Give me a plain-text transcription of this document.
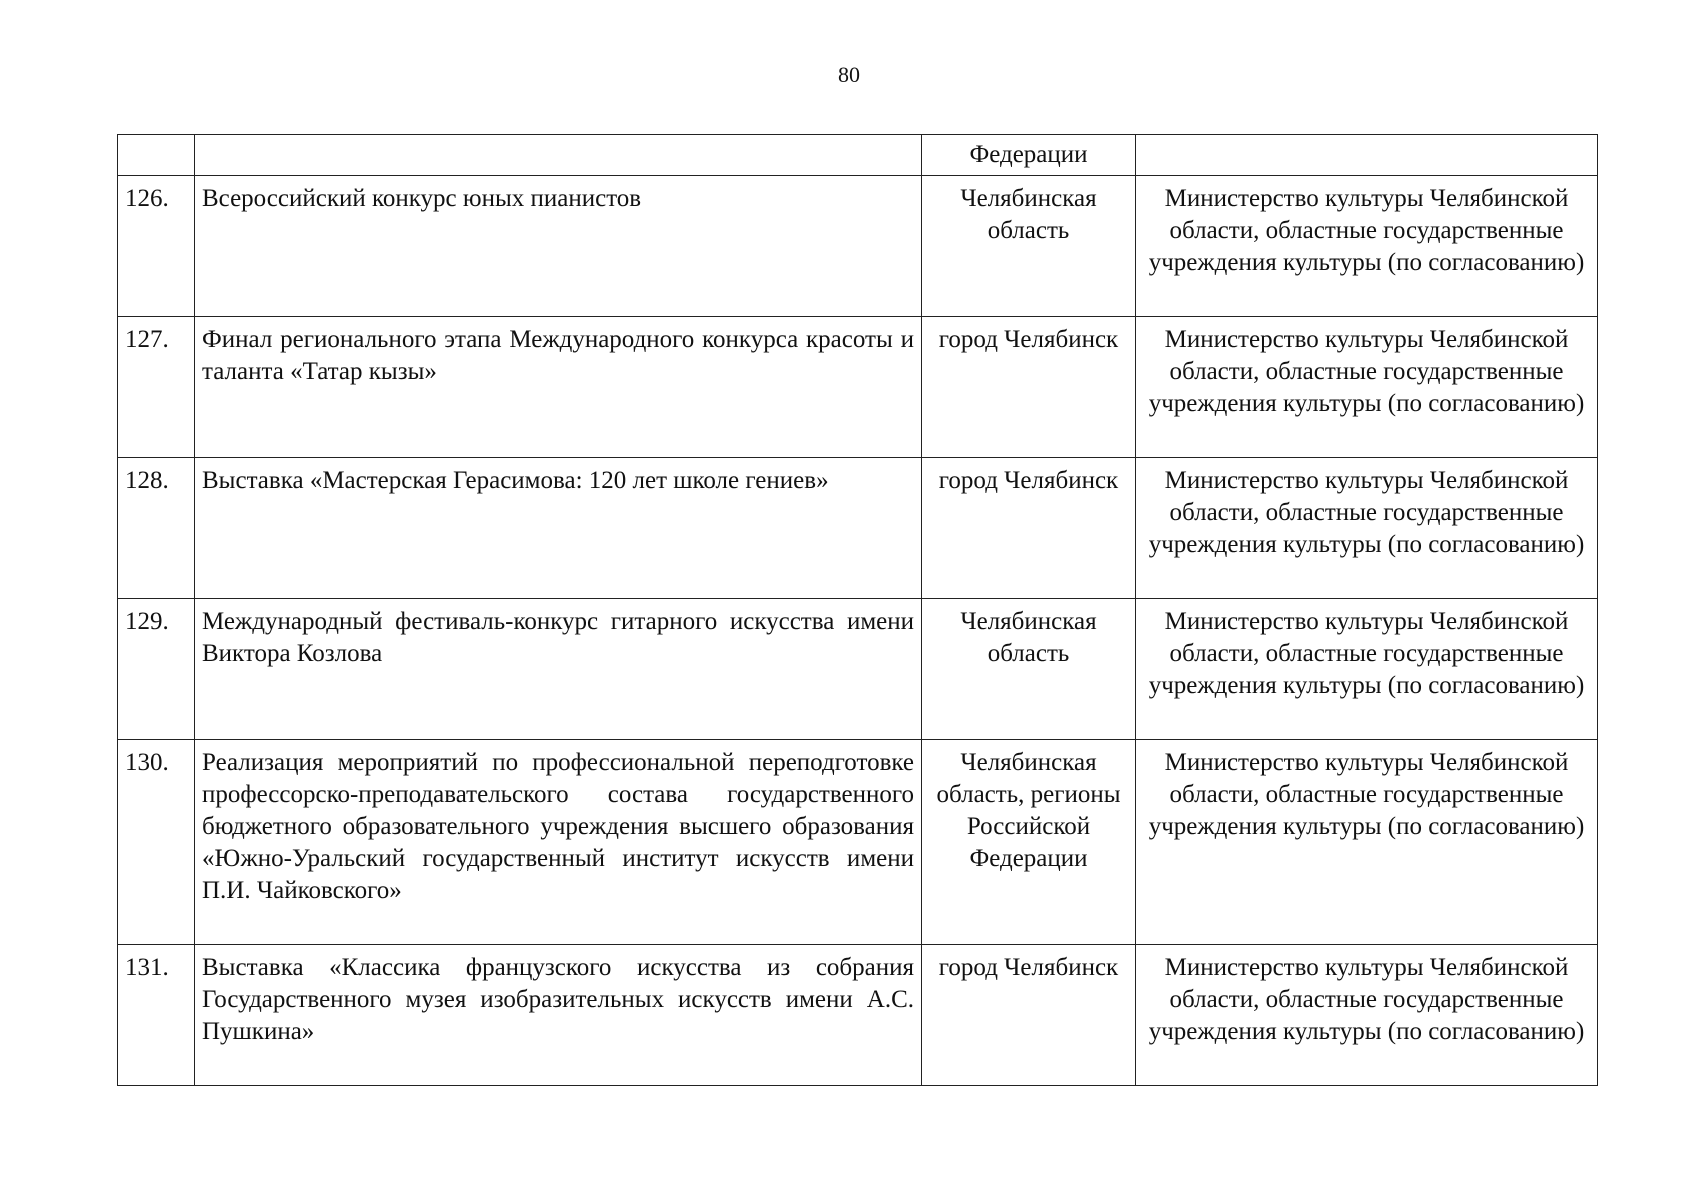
80
		Федерации	
126.	Всероссийский конкурс юных пианистов	Челябинская область	Министерство культуры Челябинской области, областные государственные учреждения культуры (по согласованию)
127.	Финал регионального этапа Международного конкурса красоты и таланта «Татар кызы»	город Челябинск	Министерство культуры Челябинской области, областные государственные учреждения культуры (по согласованию)
128.	Выставка «Мастерская Герасимова: 120 лет школе гениев»	город Челябинск	Министерство культуры Челябинской области, областные государственные учреждения культуры (по согласованию)
129.	Международный фестиваль-конкурс гитарного искусства имени Виктора Козлова	Челябинская область	Министерство культуры Челябинской области, областные государственные учреждения культуры (по согласованию)
130.	Реализация мероприятий по профессиональной переподготовке профессорско-преподавательского состава государственного бюджетного образовательного учреждения высшего образования «Южно-Уральский государственный институт искусств имени П.И. Чайковского»	Челябинская область, регионы Российской Федерации	Министерство культуры Челябинской области, областные государственные учреждения культуры (по согласованию)
131.	Выставка «Классика французского искусства из собрания Государственного музея изобразительных искусств имени А.С. Пушкина»	город Челябинск	Министерство культуры Челябинской области, областные государственные учреждения культуры (по согласованию)
